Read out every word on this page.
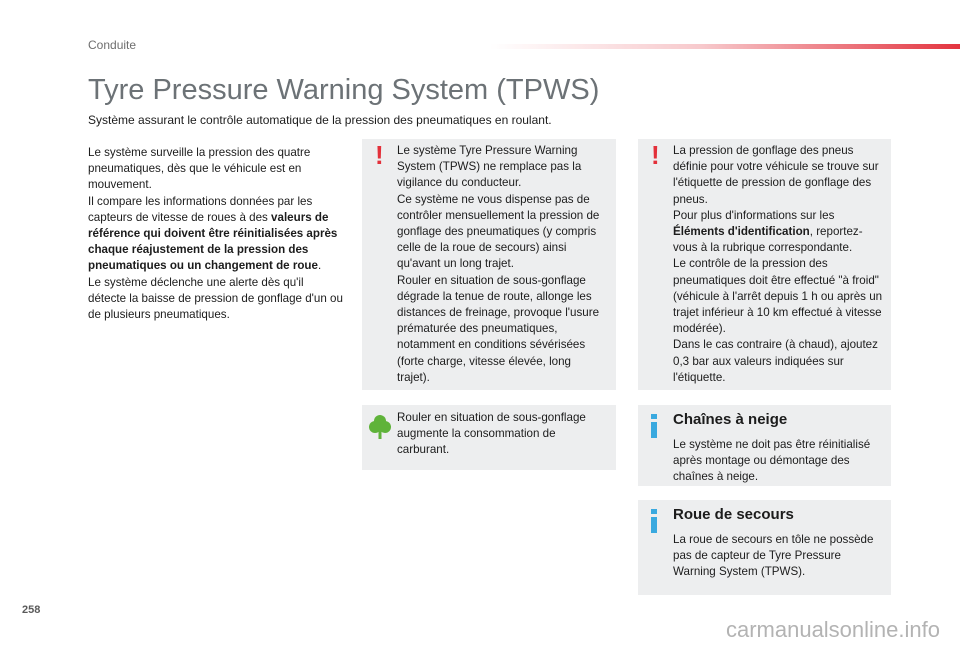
Conduite
Tyre Pressure Warning System (TPWS)

Système assurant le contrôle automatique de la pression des pneumatiques en roulant.

Le système surveille la pression des quatre pneumatiques, dès que le véhicule est en mouvement.
Il compare les informations données par les capteurs de vitesse de roues à des valeurs de référence qui doivent être réinitialisées après chaque réajustement de la pression des pneumatiques ou un changement de roue.
Le système déclenche une alerte dès qu'il détecte la baisse de pression de gonflage d'un ou de plusieurs pneumatiques.
! Le système Tyre Pressure Warning System (TPWS) ne remplace pas la vigilance du conducteur.

Ce système ne vous dispense pas de contrôler mensuellement la pression de gonflage des pneumatiques (y compris celle de la roue de secours) ainsi qu'avant un long trajet.

Rouler en situation de sous-gonflage dégrade la tenue de route, allonge les distances de freinage, provoque l'usure prématurée des pneumatiques, notamment en conditions sévérisées (forte charge, vitesse élevée, long trajet).

! La pression de gonflage des pneus définie pour votre véhicule se trouve sur l'étiquette de pression de gonflage des pneus.

Pour plus d'informations sur les Éléments d'identification, reportez-vous à la rubrique correspondante.

Le contrôle de la pression des pneumatiques doit être effectué "à froid" (véhicule à l'arrêt depuis 1 h ou après un trajet inférieur à 10 km effectué à vitesse modérée).

Dans le cas contraire (à chaud), ajoutez 0,3 bar aux valeurs indiquées sur l'étiquette.

Rouler en situation de sous-gonflage augmente la consommation de carburant.

Chaînes à neige

Le système ne doit pas être réinitialisé après montage ou démontage des chaînes à neige.

Roue de secours

La roue de secours en tôle ne possède pas de capteur de Tyre Pressure Warning System (TPWS).

258
carmanualsonline.info
